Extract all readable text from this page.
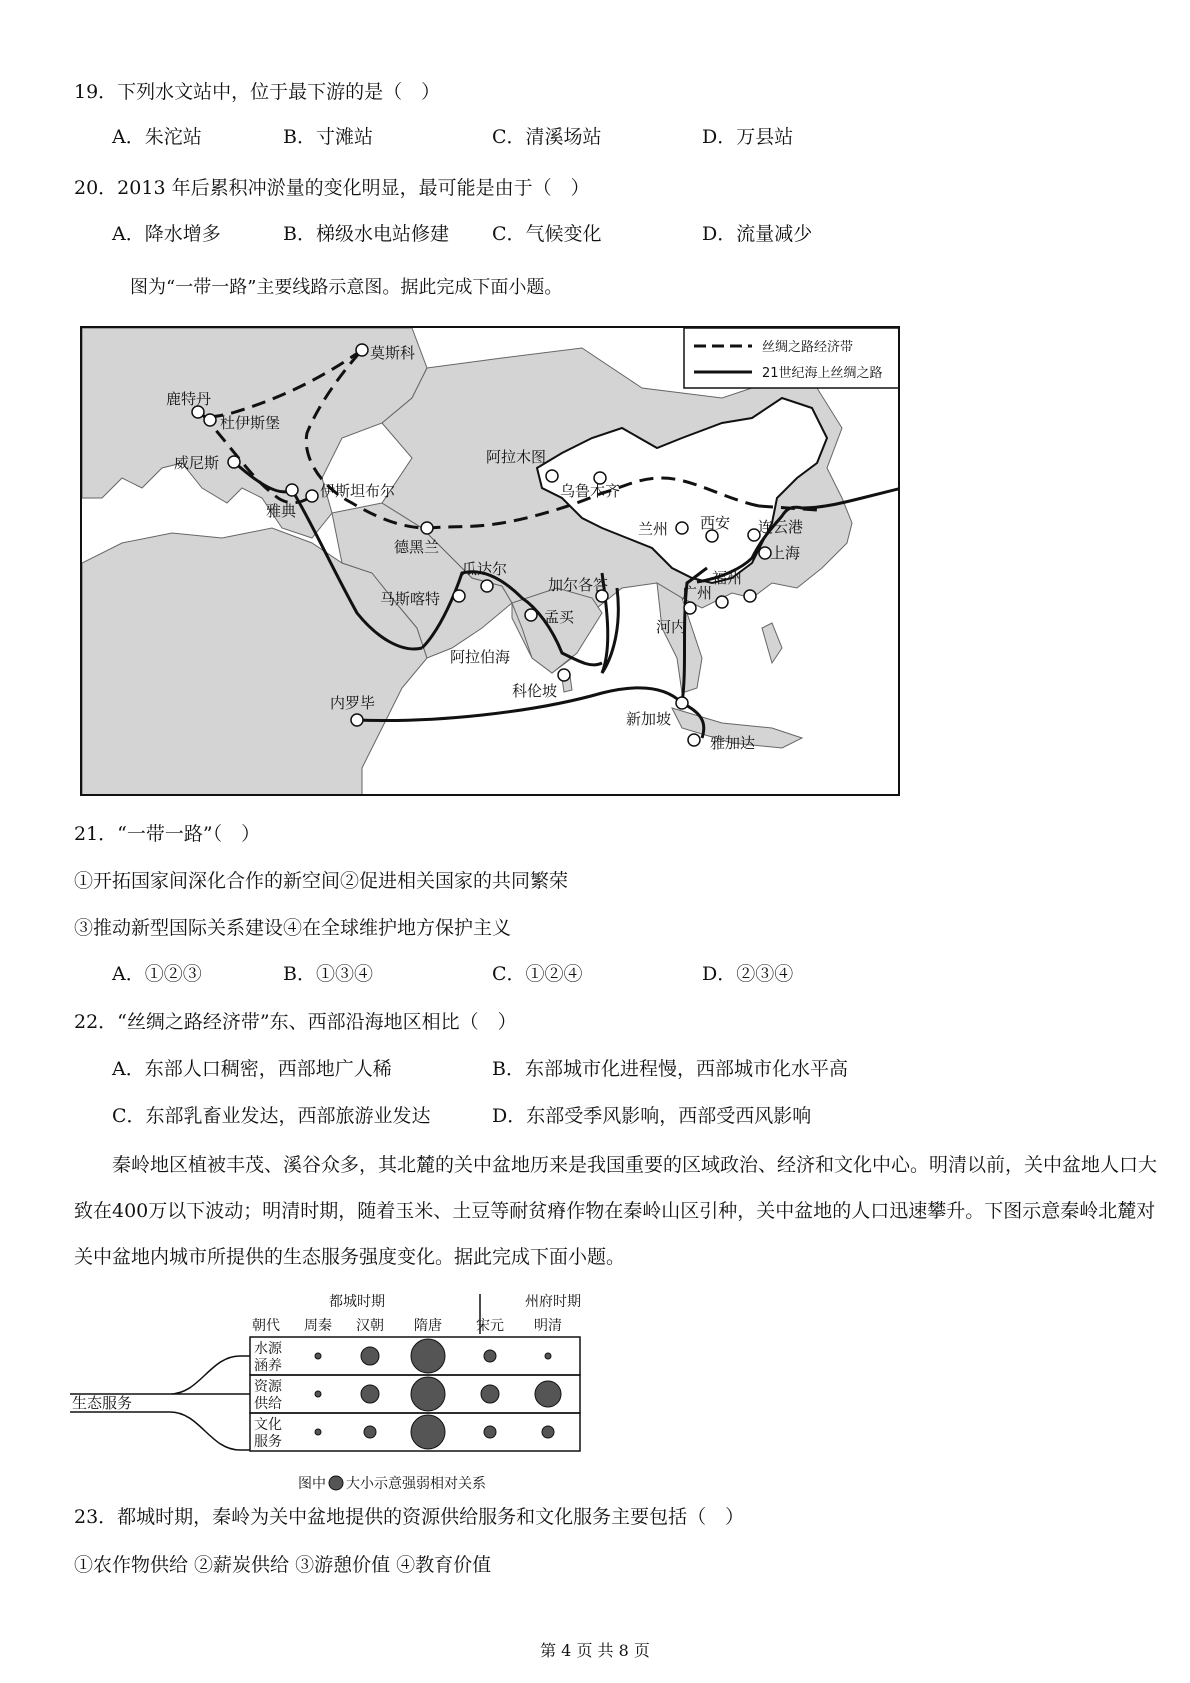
19．下列水文站中，位于最下游的是（　）
A．朱沱站	B．寸滩站	C．清溪场站	D．万县站
20．2013 年后累积冲淤量的变化明显，最可能是由于（　）
A．降水增多	B．梯级水电站修建 C．气候变化	D．流量减少
图为“一带一路”主要线路示意图。据此完成下面小题。
莫斯科
鹿特丹
杜伊斯堡
威尼斯
伊斯坦布尔
雅典
德黑兰
阿拉木图
乌鲁木齐
兰州 西安 连云港
上海
福州
广州
河内
瓜达尔
马斯喀特
加尔各答
孟买
阿拉伯海
科伦坡
内罗毕
新加坡
雅加达
丝绸之路经济带
21世纪海上丝绸之路
21．“一带一路”（　）
①开拓国家间深化合作的新空间②促进相关国家的共同繁荣
③推动新型国际关系建设④在全球维护地方保护主义
A．①②③	B．①③④	C．①②④	D．②③④
22．“丝绸之路经济带”东、西部沿海地区相比（　）
A．东部人口稠密，西部地广人稀	B．东部城市化进程慢，西部城市化水平高
C．东部乳畜业发达，西部旅游业发达	D．东部受季风影响，西部受西风影响
秦岭地区植被丰茂、溪谷众多，其北麓的关中盆地历来是我国重要的区域政治、经济和文化中心。明清以前，关中盆地人口大致在400万以下波动；明清时期，随着玉米、土豆等耐贫瘠作物在秦岭山区引种，关中盆地的人口迅速攀升。下图示意秦岭北麓对关中盆地内城市所提供的生态服务强度变化。据此完成下面小题。
都城时期	州府时期
朝代 周秦 汉朝 隋唐 宋元 明清
生态服务
水源
涵养
资源
供给
文化
服务
图中 大小示意强弱相对关系
23．都城时期，秦岭为关中盆地提供的资源供给服务和文化服务主要包括（　）
①农作物供给 ②薪炭供给 ③游憩价值 ④教育价值
第 4 页 共 8 页
